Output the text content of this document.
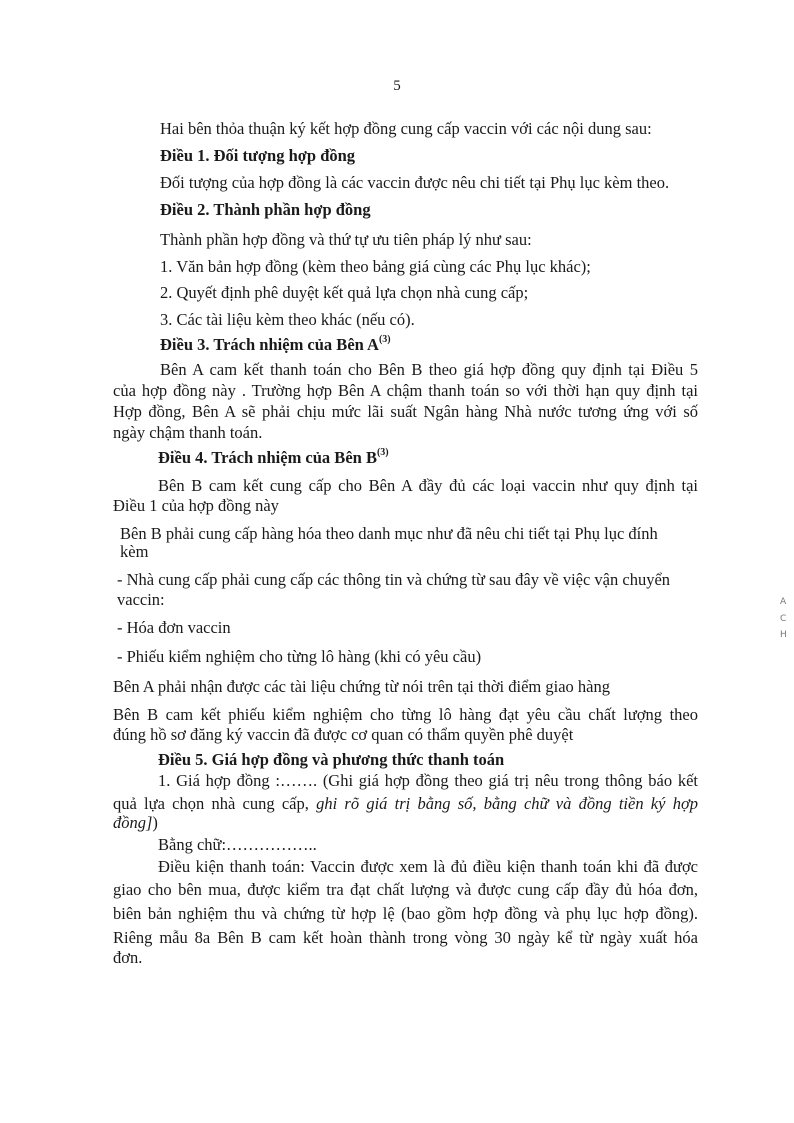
5
Hai bên thỏa thuận ký kết hợp đồng cung cấp vaccin với các nội dung sau:
Điều 1. Đối tượng hợp đồng
Đối tượng của hợp đồng là các vaccin được nêu chi tiết tại Phụ lục kèm theo.
Điều 2. Thành phần hợp đồng
Thành phần hợp đồng và thứ tự ưu tiên pháp lý như sau:
1. Văn bản hợp đồng (kèm theo bảng giá cùng các Phụ lục khác);
2. Quyết định phê duyệt kết quả lựa chọn nhà cung cấp;
3. Các tài liệu kèm theo khác (nếu có).
Điều 3. Trách nhiệm của Bên $A^{(3)}$
Bên A cam kết thanh toán cho Bên B theo giá hợp đồng quy định tại Điều 5
của hợp đồng này . Trường hợp Bên A chậm thanh toán so với thời hạn quy định tại
Hợp đồng, Bên A sẽ phải chịu mức lãi suất Ngân hàng Nhà nước tương ứng với số
ngày chậm thanh toán.
Điều 4. Trách nhiệm của Bên $B^{(3)}$
Bên B cam kết cung cấp cho Bên A đầy đủ các loại vaccin như quy định tại
Điều 1 của hợp đồng này
Bên B phải cung cấp hàng hóa theo danh mục như đã nêu chi tiết tại Phụ lục đính
kèm
- Nhà cung cấp phải cung cấp các thông tin và chứng từ sau đây về việc vận chuyển
vaccin:
- Hóa đơn vaccin
- Phiếu kiểm nghiệm cho từng lô hàng (khi có yêu cầu)
Bên A phải nhận được các tài liệu chứng từ nói trên tại thời điểm giao hàng
Bên B cam kết phiếu kiểm nghiệm cho từng lô hàng đạt yêu cầu chất lượng theo
đúng hồ sơ đăng ký vaccin đã được cơ quan có thẩm quyền phê duyệt
Điều 5. Giá hợp đồng và phương thức thanh toán
1. Giá hợp đồng :……. (Ghi giá hợp đồng theo giá trị nêu trong thông báo kết
quả lựa chọn nhà cung cấp, ghi rõ giá trị bằng số, bằng chữ và đồng tiền ký hợp
đồng])
Bằng chữ:……………..
Điều kiện thanh toán: Vaccin được xem là đủ điều kiện thanh toán khi đã được
giao cho bên mua, được kiểm tra đạt chất lượng và được cung cấp đầy đủ hóa đơn,
biên bản nghiệm thu và chứng từ hợp lệ (bao gồm hợp đồng và phụ lục hợp đồng).
Riêng mẫu 8a Bên B cam kết hoàn thành trong vòng 30 ngày kể từ ngày xuất hóa
đơn.
A
C
H
